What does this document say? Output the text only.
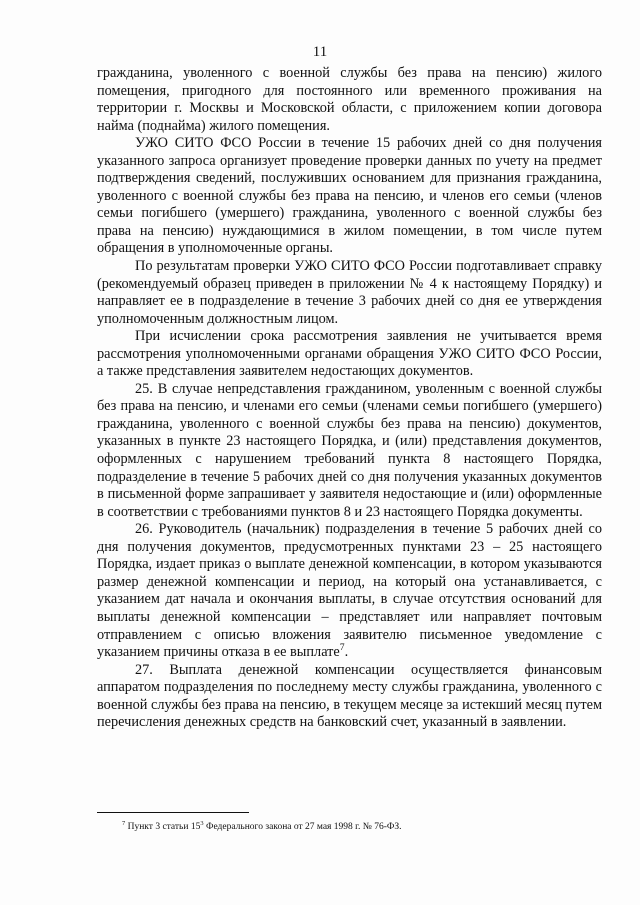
11

гражданина, уволенного с военной службы без права на пенсию) жилого помещения, пригодного для постоянного или временного проживания на территории г. Москвы и Московской области, с приложением копии договора найма (поднайма) жилого помещения.

УЖО СИТО ФСО России в течение 15 рабочих дней со дня получения указанного запроса организует проведение проверки данных по учету на предмет подтверждения сведений, послуживших основанием для признания гражданина, уволенного с военной службы без права на пенсию, и членов его семьи (членов семьи погибшего (умершего) гражданина, уволенного с военной службы без права на пенсию) нуждающимися в жилом помещении, в том числе путем обращения в уполномоченные органы.

По результатам проверки УЖО СИТО ФСО России подготавливает справку (рекомендуемый образец приведен в приложении № 4 к настоящему Порядку) и направляет ее в подразделение в течение 3 рабочих дней со дня ее утверждения уполномоченным должностным лицом.

При исчислении срока рассмотрения заявления не учитывается время рассмотрения уполномоченными органами обращения УЖО СИТО ФСО России, а также представления заявителем недостающих документов.

25. В случае непредставления гражданином, уволенным с военной службы без права на пенсию, и членами его семьи (членами семьи погибшего (умершего) гражданина, уволенного с военной службы без права на пенсию) документов, указанных в пункте 23 настоящего Порядка, и (или) представления документов, оформленных с нарушением требований пункта 8 настоящего Порядка, подразделение в течение 5 рабочих дней со дня получения указанных документов в письменной форме запрашивает у заявителя недостающие и (или) оформленные в соответствии с требованиями пунктов 8 и 23 настоящего Порядка документы.

26. Руководитель (начальник) подразделения в течение 5 рабочих дней со дня получения документов, предусмотренных пунктами 23 – 25 настоящего Порядка, издает приказ о выплате денежной компенсации, в котором указываются размер денежной компенсации и период, на который она устанавливается, с указанием дат начала и окончания выплаты, в случае отсутствия оснований для выплаты денежной компенсации – представляет или направляет почтовым отправлением с описью вложения заявителю письменное уведомление с указанием причины отказа в ее выплате$^7$.

27. Выплата денежной компенсации осуществляется финансовым аппаратом подразделения по последнему месту службы гражданина, уволенного с военной службы без права на пенсию, в текущем месяце за истекший месяц путем перечисления денежных средств на банковский счет, указанный в заявлении.

$^7$ Пункт 3 статьи $15^3$ Федерального закона от 27 мая 1998 г. № 76-ФЗ.
